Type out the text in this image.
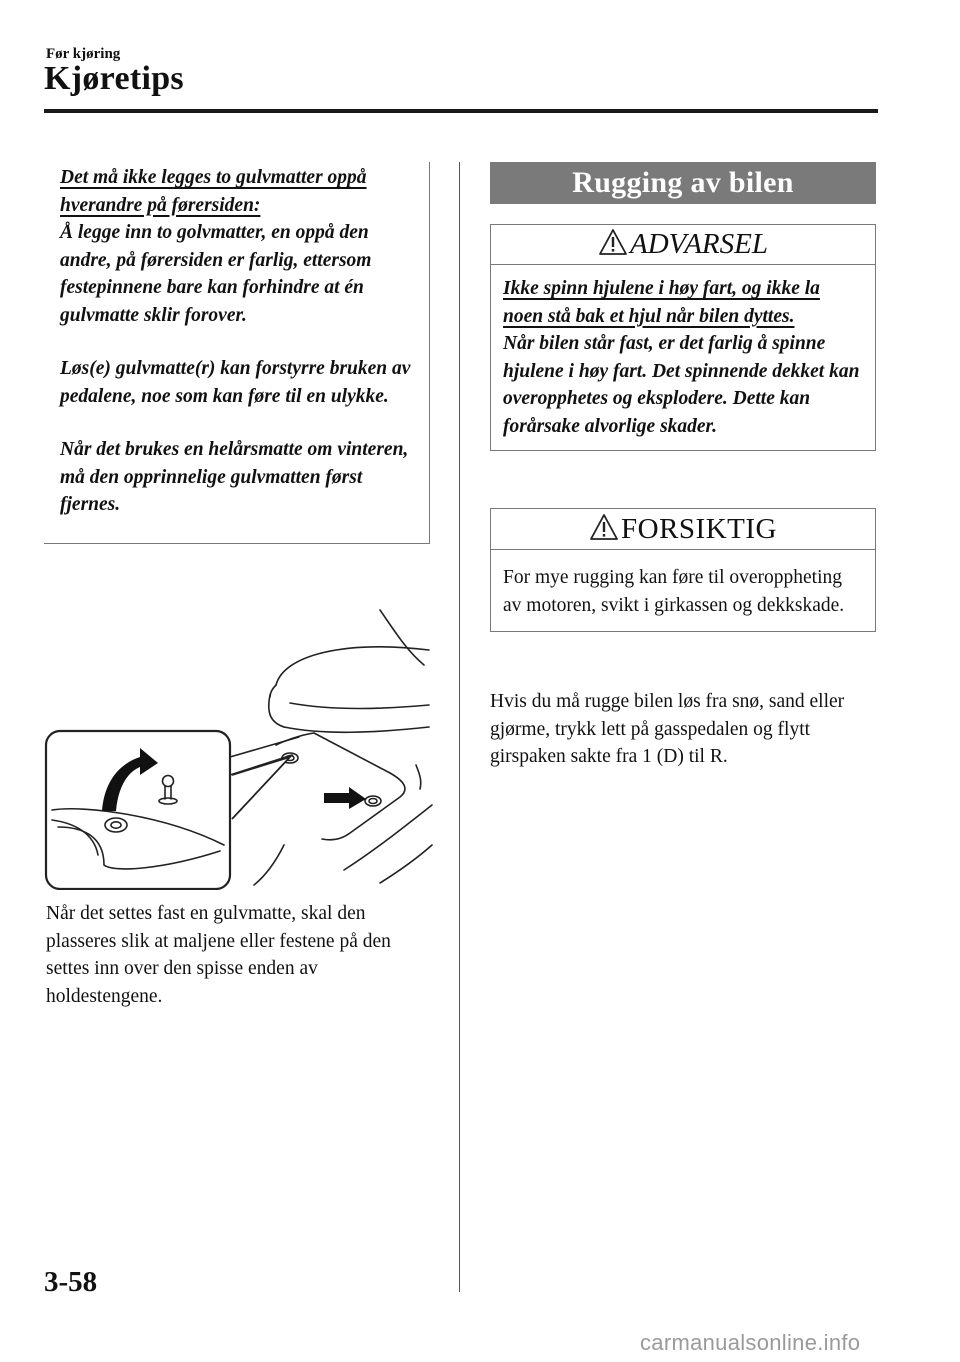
Før kjøring
Kjøretips

Det må ikke legges to gulvmatter oppå hverandre på førersiden:

Å legge inn to golvmatter, en oppå den andre, på førersiden er farlig, ettersom festepinnene bare kan forhindre at én gulvmatte sklir forover.

Løs(e) gulvmatte(r) kan forstyrre bruken av pedalene, noe som kan føre til en ulykke.

Når det brukes en helårsmatte om vinteren, må den opprinnelige gulvmatten først fjernes.

Når det settes fast en gulvmatte, skal den plasseres slik at maljene eller festene på den settes inn over den spisse enden av holdestengene.
Rugging av bilen
ADVARSEL

Ikke spinn hjulene i høy fart, og ikke la noen stå bak et hjul når bilen dyttes.

Når bilen står fast, er det farlig å spinne hjulene i høy fart. Det spinnende dekket kan overopphetes og eksplodere. Dette kan forårsake alvorlige skader.

FORSIKTIG
For mye rugging kan føre til overoppheting av motoren, svikt i girkassen og dekkskade.
Hvis du må rugge bilen løs fra snø, sand eller gjørme, trykk lett på gasspedalen og flytt girspaken sakte fra 1 (D) til R.
3-58
carmanualsonline.info
